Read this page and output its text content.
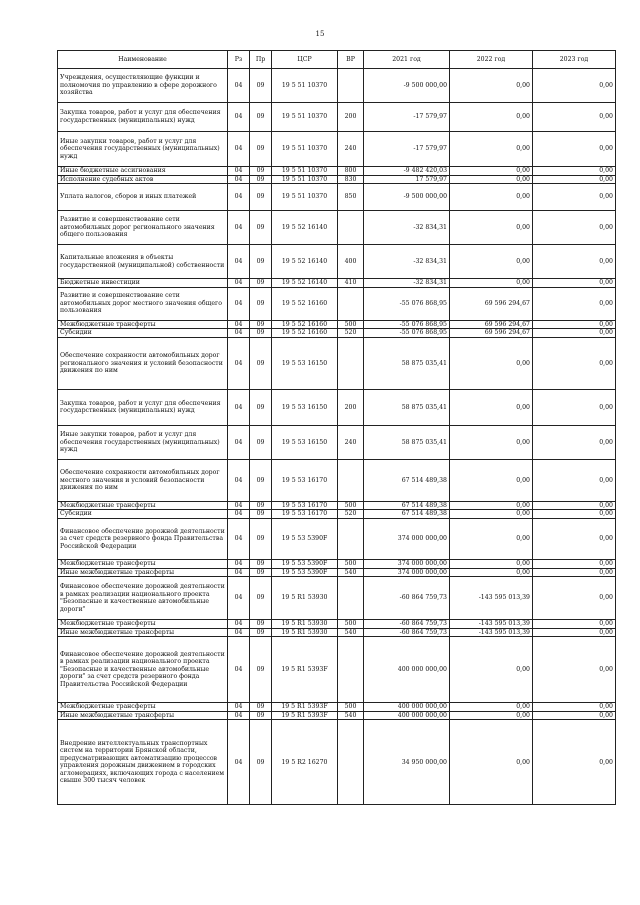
15
Наименование	Рз	Пр	ЦСР	ВР	2021 год	2022 год	2023 год
Учреждения, осуществляющие функции и полномочия по управлению в сфере дорожного хозяйства	04	09	19 5 51 10370		-9 500 000,00	0,00	0,00
Закупка товаров, работ и услуг для обеспечения государственных (муниципальных) нужд	04	09	19 5 51 10370	200	-17 579,97	0,00	0,00
Иные закупки товаров, работ и услуг для обеспечения государственных (муниципальных) нужд	04	09	19 5 51 10370	240	-17 579,97	0,00	0,00
Иные бюджетные ассигнования	04	09	19 5 51 10370	800	-9 482 420,03	0,00	0,00
Исполнение судебных актов	04	09	19 5 51 10370	830	17 579,97	0,00	0,00
Уплата налогов, сборов и иных платежей	04	09	19 5 51 10370	850	-9 500 000,00	0,00	0,00
Развитие и совершенствование сети автомобильных дорог регионального значения общего пользования	04	09	19 5 52 16140		-32 834,31	0,00	0,00
Капитальные вложения в объекты государственной (муниципальной) собственности	04	09	19 5 52 16140	400	-32 834,31	0,00	0,00
Бюджетные инвестиции	04	09	19 5 52 16140	410	-32 834,31	0,00	0,00
Развитие и совершенствование сети автомобильных дорог местного значения общего пользования	04	09	19 5 52 16160		-55 076 868,95	69 596 294,67	0,00
Межбюджетные трансферты	04	09	19 5 52 16160	500	-55 076 868,95	69 596 294,67	0,00
Субсидии	04	09	19 5 52 16160	520	-55 076 868,95	69 596 294,67	0,00
Обеспечение сохранности автомобильных дорог регионального значения и условий безопасности движения по ним	04	09	19 5 53 16150		58 875 035,41	0,00	0,00
Закупка товаров, работ и услуг для обеспечения государственных (муниципальных) нужд	04	09	19 5 53 16150	200	58 875 035,41	0,00	0,00
Иные закупки товаров, работ и услуг для обеспечения государственных (муниципальных) нужд	04	09	19 5 53 16150	240	58 875 035,41	0,00	0,00
Обеспечение сохранности автомобильных дорог местного значения и условий безопасности движения по ним	04	09	19 5 53 16170		67 514 489,38	0,00	0,00
Межбюджетные трансферты	04	09	19 5 53 16170	500	67 514 489,38	0,00	0,00
Субсидии	04	09	19 5 53 16170	520	67 514 489,38	0,00	0,00
Финансовое обеспечение дорожной деятельности за счет средств резервного фонда Правительства Российской Федерации	04	09	19 5 53 5390F		374 000 000,00	0,00	0,00
Межбюджетные трансферты	04	09	19 5 53 5390F	500	374 000 000,00	0,00	0,00
Иные межбюджетные трансферты	04	09	19 5 53 5390F	540	374 000 000,00	0,00	0,00
Финансовое обеспечение дорожной деятельности в рамках реализации национального проекта "Безопасные и качественные автомобильные дороги"	04	09	19 5 R1 53930		-60 864 759,73	-143 595 013,39	0,00
Межбюджетные трансферты	04	09	19 5 R1 53930	500	-60 864 759,73	-143 595 013,39	0,00
Иные межбюджетные трансферты	04	09	19 5 R1 53930	540	-60 864 759,73	-143 595 013,39	0,00
Финансовое обеспечение дорожной деятельности в рамках реализации национального проекта "Безопасные и качественные автомобильные дороги" за счет средств резервного фонда Правительства Российской Федерации	04	09	19 5 R1 5393F		400 000 000,00	0,00	0,00
Межбюджетные трансферты	04	09	19 5 R1 5393F	500	400 000 000,00	0,00	0,00
Иные межбюджетные трансферты	04	09	19 5 R1 5393F	540	400 000 000,00	0,00	0,00
Внедрение интеллектуальных транспортных систем на территории Брянской области, предусматривающих автоматизацию процессов управления дорожным движением в городских агломерациях, включающих города с населением свыше 300 тысяч человек	04	09	19 5 R2 16270		34 950 000,00	0,00	0,00
